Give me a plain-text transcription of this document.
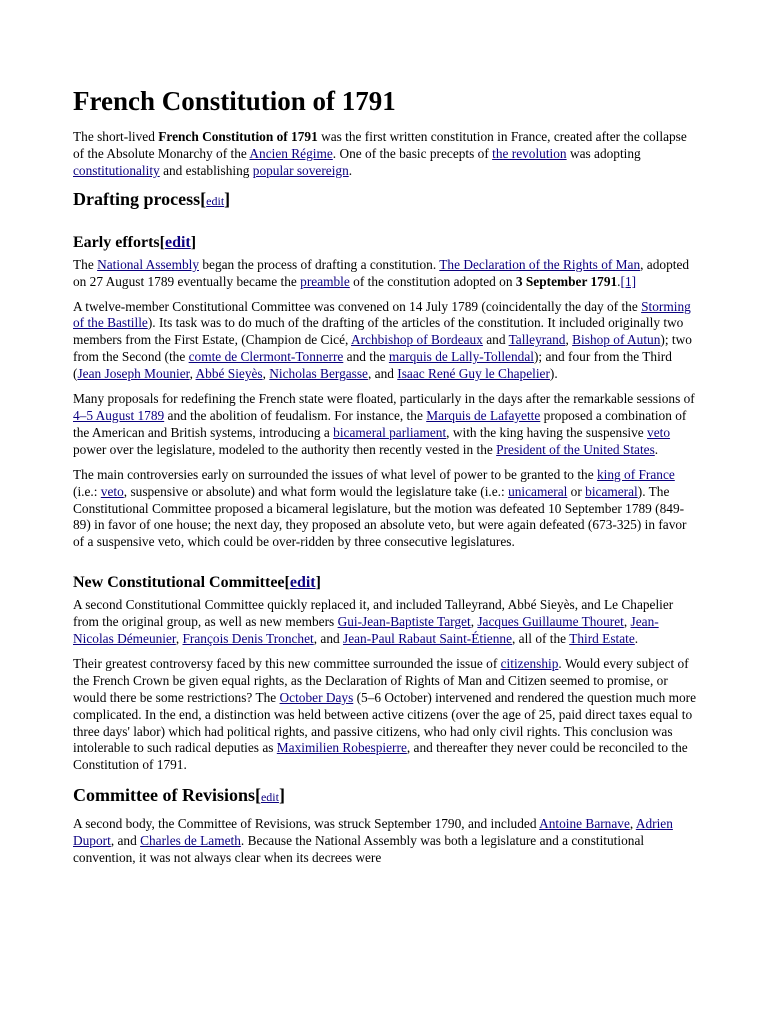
French Constitution of 1791

The short-lived French Constitution of 1791 was the first written constitution in France, created after the collapse of the Absolute Monarchy of the Ancien Régime. One of the basic precepts of the revolution was adopting constitutionality and establishing popular sovereign.

Drafting process[edit]
Early efforts[edit]

The National Assembly began the process of drafting a constitution. The Declaration of the Rights of Man, adopted on 27 August 1789 eventually became the preamble of the constitution adopted on 3 September 1791.[1]

A twelve-member Constitutional Committee was convened on 14 July 1789 (coincidentally the day of the Storming of the Bastille). Its task was to do much of the drafting of the articles of the constitution. It included originally two members from the First Estate, (Champion de Cicé, Archbishop of Bordeaux and Talleyrand, Bishop of Autun); two from the Second (the comte de Clermont-Tonnerre and the marquis de Lally-Tollendal); and four from the Third (Jean Joseph Mounier, Abbé Sieyès, Nicholas Bergasse, and Isaac René Guy le Chapelier).

Many proposals for redefining the French state were floated, particularly in the days after the remarkable sessions of 4–5 August 1789 and the abolition of feudalism. For instance, the Marquis de Lafayette proposed a combination of the American and British systems, introducing a bicameral parliament, with the king having the suspensive veto power over the legislature, modeled to the authority then recently vested in the President of the United States.

The main controversies early on surrounded the issues of what level of power to be granted to the king of France (i.e.: veto, suspensive or absolute) and what form would the legislature take (i.e.: unicameral or bicameral). The Constitutional Committee proposed a bicameral legislature, but the motion was defeated 10 September 1789 (849-89) in favor of one house; the next day, they proposed an absolute veto, but were again defeated (673-325) in favor of a suspensive veto, which could be over-ridden by three consecutive legislatures.

New Constitutional Committee[edit]

A second Constitutional Committee quickly replaced it, and included Talleyrand, Abbé Sieyès, and Le Chapelier from the original group, as well as new members Gui-Jean-Baptiste Target, Jacques Guillaume Thouret, Jean-Nicolas Démeunier, François Denis Tronchet, and Jean-Paul Rabaut Saint-Étienne, all of the Third Estate.

Their greatest controversy faced by this new committee surrounded the issue of citizenship. Would every subject of the French Crown be given equal rights, as the Declaration of Rights of Man and Citizen seemed to promise, or would there be some restrictions? The October Days (5–6 October) intervened and rendered the question much more complicated. In the end, a distinction was held between active citizens (over the age of 25, paid direct taxes equal to three days' labor) which had political rights, and passive citizens, who had only civil rights. This conclusion was intolerable to such radical deputies as Maximilien Robespierre, and thereafter they never could be reconciled to the Constitution of 1791.

Committee of Revisions[edit]

A second body, the Committee of Revisions, was struck September 1790, and included Antoine Barnave, Adrien Duport, and Charles de Lameth. Because the National Assembly was both a legislature and a constitutional convention, it was not always clear when its decrees were
